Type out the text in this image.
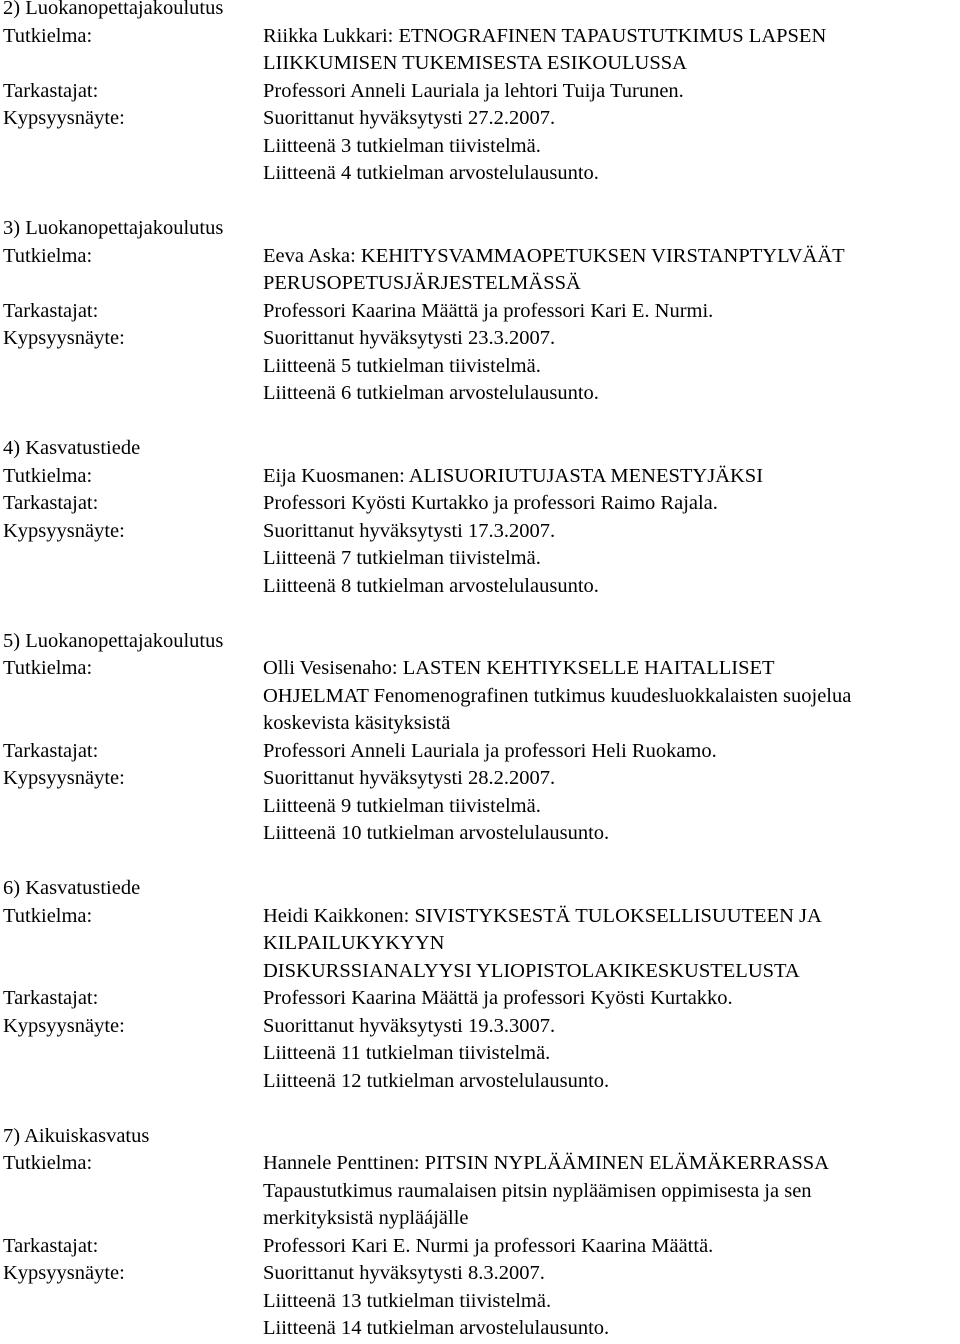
2) Luokanopettajakoulutus
Tutkielma:	Riikka Lukkari: ETNOGRAFINEN TAPAUSTUTKIMUS LAPSEN
LIIKKUMISEN TUKEMISESTA ESIKOULUSSA
Tarkastajat:	Professori Anneli Lauriala ja lehtori Tuija Turunen.
Kypsyysnäyte:	Suorittanut hyväksytysti 27.2.2007.
Liitteenä 3 tutkielman tiivistelmä.
Liitteenä 4 tutkielman arvostelulausunto.
3) Luokanopettajakoulutus
Tutkielma:	Eeva Aska: KEHITYSVAMMAOPETUKSEN VIRSTANPTYLVÄÄT
PERUSOPETUSJÄRJESTELMÄSSÄ
Tarkastajat:	Professori Kaarina Määttä ja professori Kari E. Nurmi.
Kypsyysnäyte:	Suorittanut hyväksytysti 23.3.2007.
Liitteenä 5 tutkielman tiivistelmä.
Liitteenä 6 tutkielman arvostelulausunto.
4) Kasvatustiede
Tutkielma:	Eija Kuosmanen: ALISUORIUTUJASTA MENESTYJÄKSI
Tarkastajat:	Professori Kyösti Kurtakko ja professori Raimo Rajala.
Kypsyysnäyte:	Suorittanut hyväksytysti 17.3.2007.
Liitteenä 7 tutkielman tiivistelmä.
Liitteenä 8 tutkielman arvostelulausunto.
5) Luokanopettajakoulutus
Tutkielma:	Olli Vesisenaho: LASTEN KEHTIYKSELLE HAITALLISET
OHJELMAT Fenomenografinen tutkimus kuudesluokkalaisten suojelua
koskevista käsityksistä
Tarkastajat:	Professori Anneli Lauriala ja professori Heli Ruokamo.
Kypsyysnäyte:	Suorittanut hyväksytysti 28.2.2007.
Liitteenä 9 tutkielman tiivistelmä.
Liitteenä 10 tutkielman arvostelulausunto.
6) Kasvatustiede
Tutkielma:	Heidi Kaikkonen: SIVISTYKSESTÄ TULOKSELLISUUTEEN JA
KILPAILUKYKYYN
DISKURSSIANALYYSI YLIOPISTOLAKIKESKUSTELUSTA
Tarkastajat:	Professori Kaarina Määttä ja professori Kyösti Kurtakko.
Kypsyysnäyte:	Suorittanut hyväksytysti 19.3.3007.
Liitteenä 11 tutkielman tiivistelmä.
Liitteenä 12 tutkielman arvostelulausunto.
7) Aikuiskasvatus
Tutkielma:	Hannele Penttinen: PITSIN NYPLÄÄMINEN ELÄMÄKERRASSA
Tapaustutkimus raumalaisen pitsin nypläämisen oppimisesta ja sen
merkityksistä nypläájälle
Tarkastajat:	Professori Kari E. Nurmi ja professori Kaarina Määttä.
Kypsyysnäyte:	Suorittanut hyväksytysti 8.3.2007.
Liitteenä 13 tutkielman tiivistelmä.
Liitteenä 14 tutkielman arvostelulausunto.
